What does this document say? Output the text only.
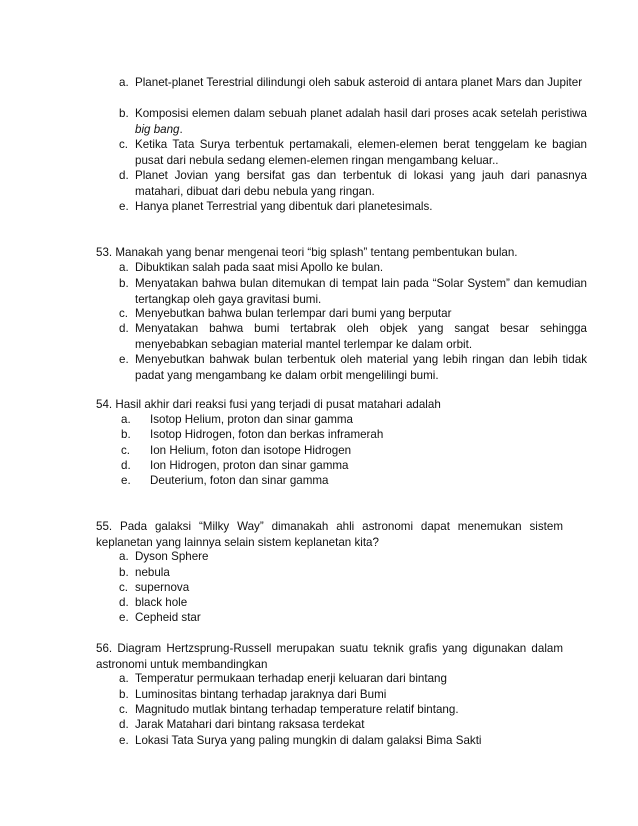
a. Planet-planet Terestrial dilindungi oleh sabuk asteroid di antara planet Mars dan Jupiter

b. Komposisi elemen dalam sebuah planet adalah hasil dari proses acak setelah peristiwa big bang.

c. Ketika Tata Surya terbentuk pertamakali, elemen-elemen berat tenggelam ke bagian pusat dari nebula sedang elemen-elemen ringan mengambang keluar..

d. Planet Jovian yang bersifat gas dan terbentuk di lokasi yang jauh dari panasnya matahari, dibuat dari debu nebula yang ringan.

e. Hanya planet Terrestrial yang dibentuk dari planetesimals.

53. Manakah yang benar mengenai teori “big splash” tentang pembentukan bulan.
a. Dibuktikan salah pada saat misi Apollo ke bulan.

b. Menyatakan bahwa bulan ditemukan di tempat lain pada “Solar System” dan kemudian tertangkap oleh gaya gravitasi bumi.

c. Menyebutkan bahwa bulan terlempar dari bumi yang berputar

d. Menyatakan bahwa bumi tertabrak oleh objek yang sangat besar sehingga menyebabkan sebagian material mantel terlempar ke dalam orbit.

e. Menyebutkan bahwak bulan terbentuk oleh material yang lebih ringan dan lebih tidak padat yang mengambang ke dalam orbit mengelilingi bumi.

54. Hasil akhir dari reaksi fusi yang terjadi di pusat matahari adalah
a. Isotop Helium, proton dan sinar gamma

b. Isotop Hidrogen, foton dan berkas inframerah

c. Ion Helium, foton dan isotope Hidrogen

d. Ion Hidrogen, proton dan sinar gamma

e. Deuterium, foton dan sinar gamma

55. Pada galaksi “Milky Way” dimanakah ahli astronomi dapat menemukan sistem keplanetan yang lainnya selain sistem keplanetan kita?
a. Dyson Sphere

b. nebula

c. supernova

d. black hole

e. Cepheid star

56. Diagram Hertzsprung-Russell merupakan suatu teknik grafis yang digunakan dalam astronomi untuk membandingkan
a. Temperatur permukaan terhadap enerji keluaran dari bintang

b. Luminositas bintang terhadap jaraknya dari Bumi

c. Magnitudo mutlak bintang terhadap temperature relatif bintang.

d. Jarak Matahari dari bintang raksasa terdekat

e. Lokasi Tata Surya yang paling mungkin di dalam galaksi Bima Sakti
